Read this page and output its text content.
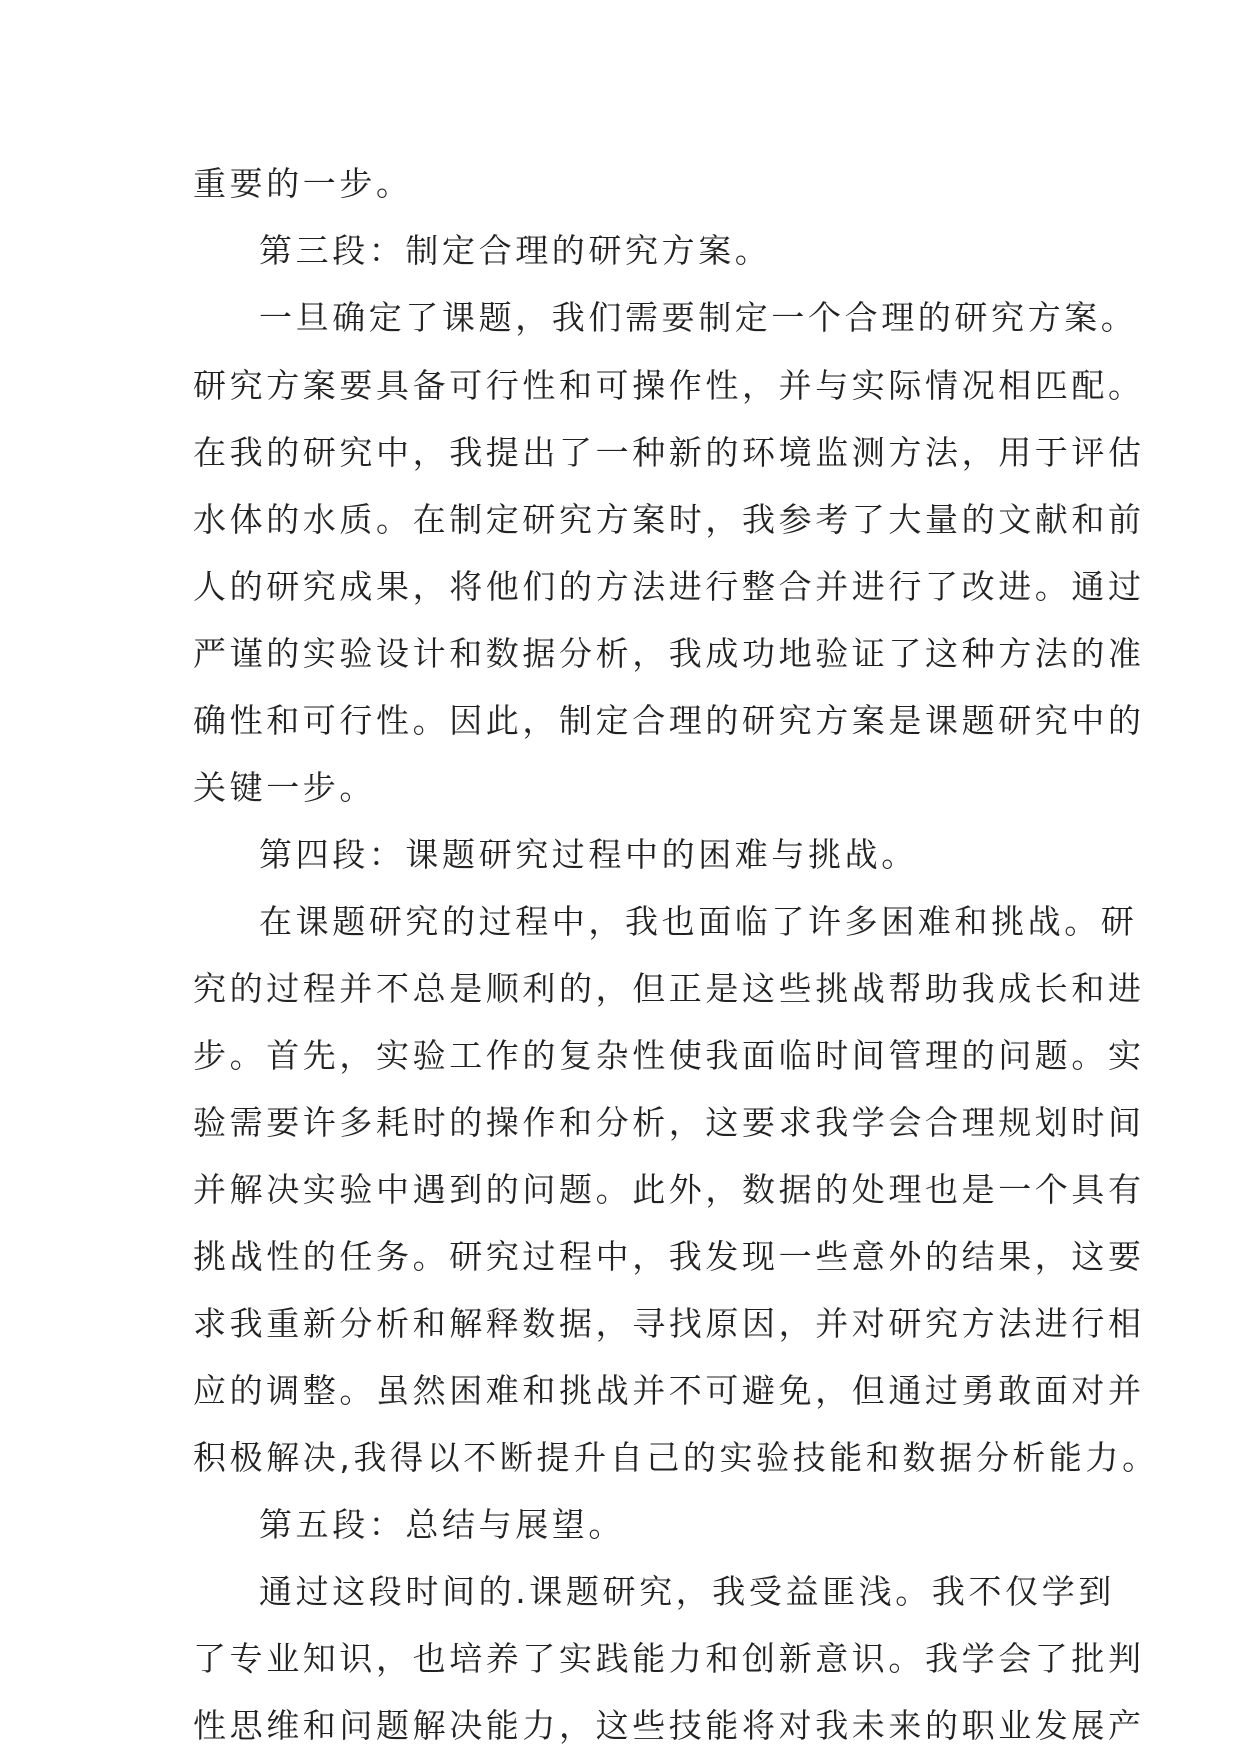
重要的一步。
第三段：制定合理的研究方案。
一旦确定了课题，我们需要制定一个合理的研究方案。
研究方案要具备可行性和可操作性，并与实际情况相匹配。
在我的研究中，我提出了一种新的环境监测方法，用于评估
水体的水质。在制定研究方案时，我参考了大量的文献和前
人的研究成果，将他们的方法进行整合并进行了改进。通过
严谨的实验设计和数据分析，我成功地验证了这种方法的准
确性和可行性。因此，制定合理的研究方案是课题研究中的
关键一步。
第四段：课题研究过程中的困难与挑战。
在课题研究的过程中，我也面临了许多困难和挑战。研
究的过程并不总是顺利的，但正是这些挑战帮助我成长和进
步。首先，实验工作的复杂性使我面临时间管理的问题。实
验需要许多耗时的操作和分析，这要求我学会合理规划时间
并解决实验中遇到的问题。此外，数据的处理也是一个具有
挑战性的任务。研究过程中，我发现一些意外的结果，这要
求我重新分析和解释数据，寻找原因，并对研究方法进行相
应的调整。虽然困难和挑战并不可避免，但通过勇敢面对并
积极解决,我得以不断提升自己的实验技能和数据分析能力。
第五段：总结与展望。
通过这段时间的.课题研究，我受益匪浅。我不仅学到
了专业知识，也培养了实践能力和创新意识。我学会了批判
性思维和问题解决能力，这些技能将对我未来的职业发展产
